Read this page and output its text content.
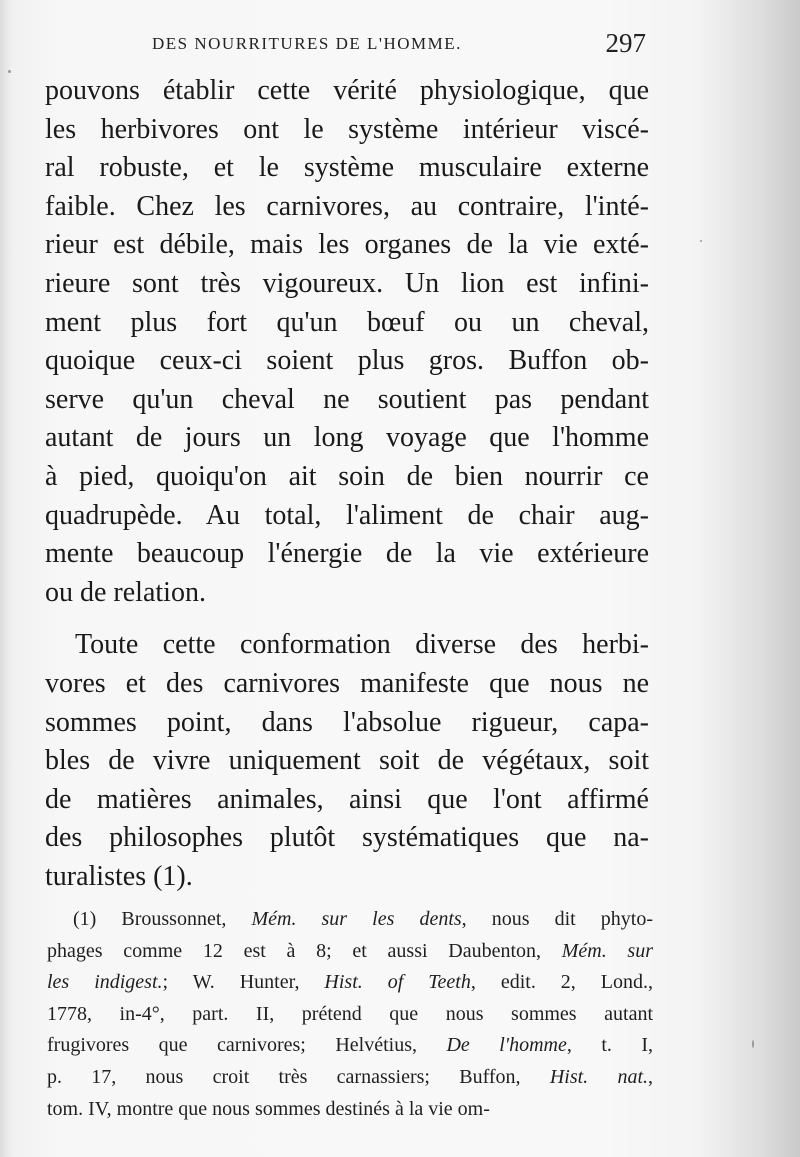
DES NOURRITURES DE L'HOMME.	297
pouvons établir cette vérité physiologique, que
les herbivores ont le système intérieur viscé-
ral robuste, et le système musculaire externe
faible. Chez les carnivores, au contraire, l'inté-
rieur est débile, mais les organes de la vie exté-
rieure sont très vigoureux. Un lion est infini-
ment plus fort qu'un bœuf ou un cheval,
quoique ceux-ci soient plus gros. Buffon ob-
serve qu'un cheval ne soutient pas pendant
autant de jours un long voyage que l'homme
à pied, quoiqu'on ait soin de bien nourrir ce
quadrupède. Au total, l'aliment de chair aug-
mente beaucoup l'énergie de la vie extérieure
ou de relation.
Toute cette conformation diverse des herbi-
vores et des carnivores manifeste que nous ne
sommes point, dans l'absolue rigueur, capa-
bles de vivre uniquement soit de végétaux, soit
de matières animales, ainsi que l'ont affirmé
des philosophes plutôt systématiques que na-
turalistes (1).
(1) Broussonnet, Mém. sur les dents, nous dit phyto-
phages comme 12 est à 8; et aussi Daubenton, Mém. sur
les indigest.; W. Hunter, Hist. of Teeth, edit. 2, Lond.,
1778, in-4°, part. II, prétend que nous sommes autant
frugivores que carnivores; Helvétius, De l'homme, t. I,
p. 17, nous croit très carnassiers; Buffon, Hist. nat.,
tom. IV, montre que nous sommes destinés à la vie om-
